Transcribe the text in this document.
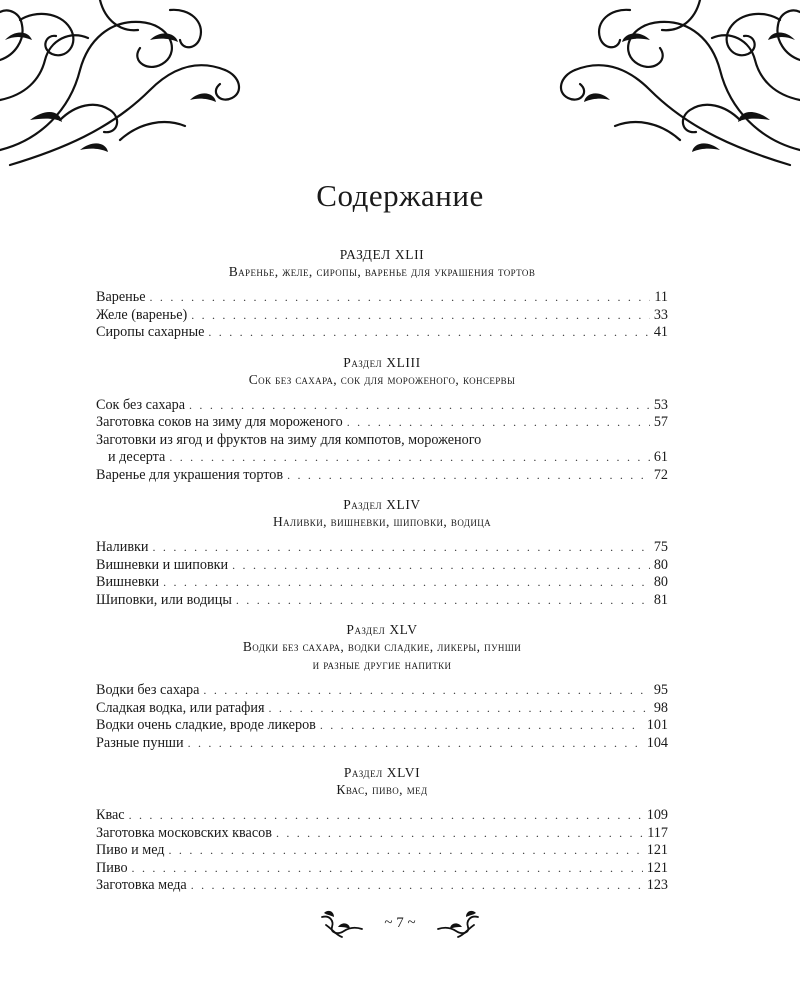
Содержание
РАЗДЕЛ XLII
Варенье, желе, сиропы, варенье для украшения тортов
Варенье . . .	11
Желе (варенье) . . .	33
Сиропы сахарные . . .	41
Раздел XLIII
Сок без сахара, сок для мороженого, консервы
Сок без сахара . . .	53
Заготовка соков на зиму для мороженого . . .	57
Заготовки из ягод и фруктов на зиму для компотов, мороженого
и десерта . . .	61
Варенье для украшения тортов . . .	72
Раздел XLIV
Наливки, вишневки, шиповки, водица
Наливки . . .	75
Вишневки и шиповки . . .	80
Вишневки . . .	80
Шиповки, или водицы . . .	81
Раздел XLV
Водки без сахара, водки сладкие, ликеры, пунши
и разные другие напитки
Водки без сахара . . .	95
Сладкая водка, или ратафия . . .	98
Водки очень сладкие, вроде ликеров . . .	101
Разные пунши . . .	104
Раздел XLVI
Квас, пиво, мед
Квас . . .	109
Заготовка московских квасов . . .	117
Пиво и мед . . .	121
Пиво . . .	121
Заготовка меда . . .	123
~ 7 ~
